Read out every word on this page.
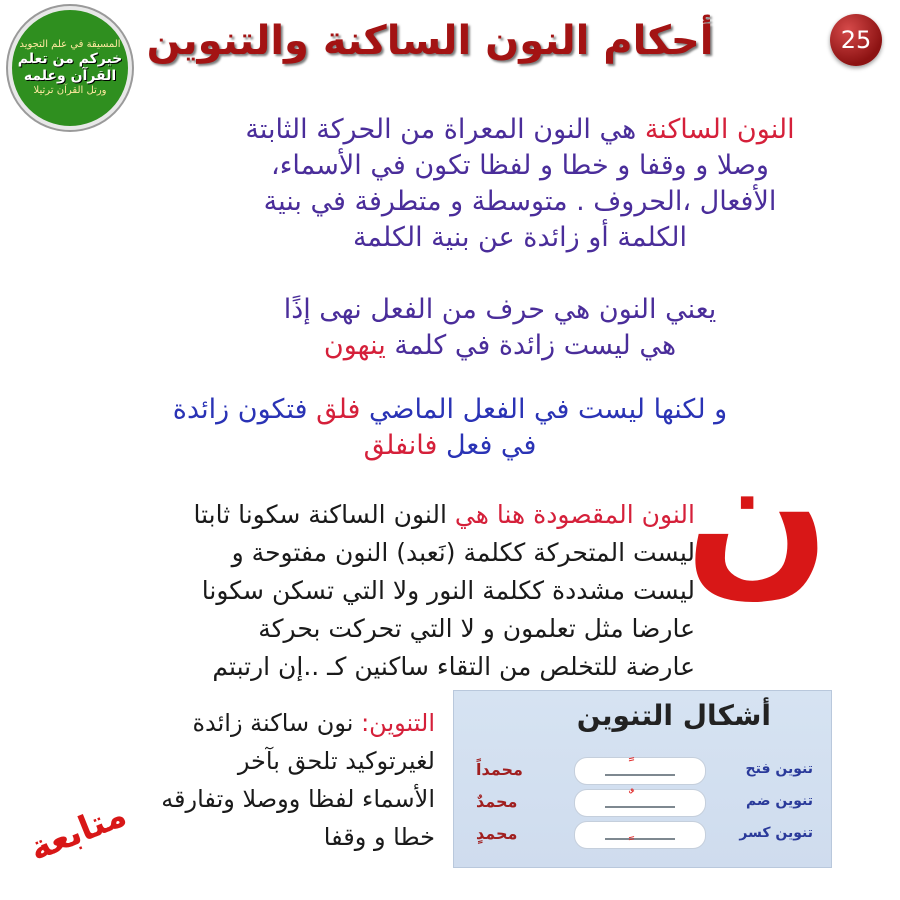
25
أحكام النون الساكنة والتنوين
المسيقة في علم التجويد
خيركم من تعلم
القرآن وعلمه
ورتل القرآن ترتيلا
النون الساكنة هي النون المعراة من الحركة الثابتة
وصلا و وقفا و خطا و لفظا تكون في الأسماء،
الأفعال ،الحروف . متوسطة و متطرفة في بنية
الكلمة أو زائدة عن بنية الكلمة
يعني النون هي حرف من الفعل نهى إذًا
هي ليست زائدة في كلمة ينهون
و لكنها ليست في الفعل الماضي فلق فتكون زائدة
في فعل فانفلق	ن
النون المقصودة هنا هي النون الساكنة سكونا ثابتا
ليست المتحركة ككلمة (نَعبد) النون مفتوحة و
ليست مشددة ككلمة النور ولا التي تسكن سكونا
عارضا مثل تعلمون و لا التي تحركت بحركة
عارضة للتخلص من التقاء ساكنين كـ ..إن ارتبتم
التنوين: نون ساكنة زائدة
لغيرتوكيد تلحق بآخر
الأسماء لفظا ووصلا وتفارقه
خطا و وقفا
أشكال التنوين
تنوين فتح
محمداً
تنوين ضم
محمدٌ
تنوين كسر
محمدٍ
متابعة
